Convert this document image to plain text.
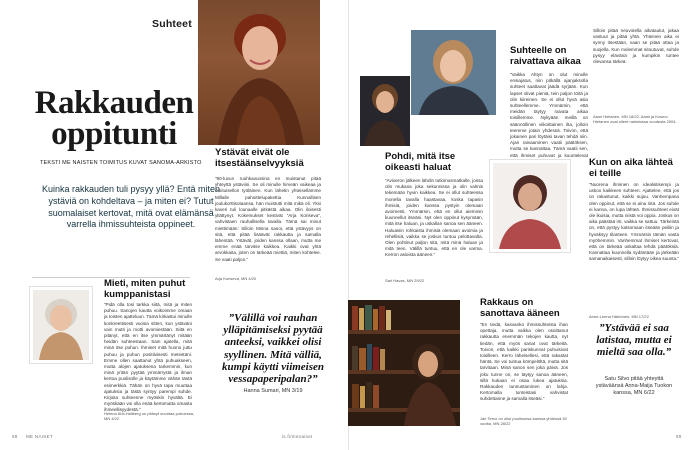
Suhteet
Rakkauden oppitunti
TEKSTI ME NAISTEN TOIMITUS KUVAT SANOMA-ARKISTO
Kuinka rakkauden tuli pysyy yllä? Entä miten ystäviä on kohdeltava – ja miten ei? Tutut suomalaiset kertovat, mitä ovat elämänsä varrella ihmissuhteista oppineet.
Ystävät eivät ole itsestäänselvyyksiä
”90-luvun ruuhkavuosina en muistanut pitää yhteyttä ystäviini. Se oli minulle hirveän vaikeaa ja omituisellon työläinen. Kun lähetin yhteisellämme Millalle pahoittelupakettia Kunnallisen joulukorttisotaansa, hän muistutti mitä mikä oli. Yksi kaveri tuli lounaalle pitkästä aikaa. Olin iloisesti yllättynyt. Kokemukset kestivät ”Arja Koriseva”, vahvistaen rauhallisella tavalla. Tämä sai minut miettimään: Silloin Minna sanoi, että ystävyys on sitä, että pitää lisäävät rakkautta ja samalla lähentää. Ystävät, joiden kanssa ollaan, mutta me emme enää tarvitse kaikkea. Kaikki ovat yhtä arvokkaita, joten on tärkeää miettiä, miten kohtelee. Se vaati paljon.”
Arja Koriseva, MN 4/20
Mieti, miten puhut kumppanistasi
”Pidä olla tosi tarkka siitä, mitä ja miten puhuu. Sanojen kautta voikoimme omaan ja toisten ajatteluun. Tämä kirkastui minulle konkreettisesti vuosia sitten, kun ystäväni vain mutti ja motti avomiestään. Siitä en pitänyt, että en itse ymmärtänyt mitään heidän suhteestaan. Sain ajatella, mitä minä itse puhun. Ihmiset mitä huono juttu puhuu ja puhun positiivisesti metestäni. Emme ollen saattanut yhtä puhuakseen, mutta alojen ajatuksena tarkemmin, kun minä yritän pyytää ymmärrystä ja ilman kertoa puolisolle ja käytämme vähän tästä esimerkkiä. Tähän on hyvä tapa muuttaa ajatuksia ja tästä syntyy parempi suhde. Kirjoita suhteenne myöskin hyvältä. Ei myöskään voi olla enää kertomatta omasta ihmeellisyydestä.”
Helena Ahti-Hallberg on pitänyt suuntaa puhuessa, MN 4/22
”Välillä voi rauhan ylläpitämiseksi pyytää anteeksi, vaikkei olisi syyllinen. Mitä välliä, kumpi käytti viimeisen vessapaperipalan?”
Hanna Sumari, MN 3/19
58 ME NAISET
Suhteelle on raivattava aikaa
”Vaikka Ahtyn on olut minulle ensiajatus, niin pitkällä ajanjaksolla suhteet saattavat jäädä syrjään. Kun lapset olivat pieniä, tein paljon töitä ja olin kiireinen. Se ei ollut hyvä asia suhteellemme. Ymmärsin, että meidän täytyy raivata aikaa toisillemme. Nykyään meillä on säännöllinen viikoittainen ilta, jolloin teemme jotain yhdessä. Toivon, että jokainen pari löytäisi tavan tehdä niin. Ajan raivaaminen vaatii päätöksen, mutta se kannattaa. Tämä vaatii sen, että ihmiset puhuvat ja kuuntelevat
Aami Hietanen, MN 18/22. Aami ja Kosmo Hietanen ovat olleet naimisissa vuodesta 2004.
Silloin pitää neuvotella aikataulut, jakaa vastuut ja pitää yhtä. Yhteinen aika ei synny itsestään, vaan se pitää ottaa ja suojella. Kun molemmat sitoutuvat, suhde pysyy elävänä ja kumpikin tuntee olevansa tärkeä.
Pohdi, mitä itse oikeasti haluat
”Avioeron jälkeen lähdin tutkimusmatkalle, jossa olin mukana joka sekunnissa ja olin valmis tekemään hyvin kaikkea. Se ei ollut suhteessa monella tavalla haastavaa, koska tapasin ihmisiä, joiden kanssa pystyin olemaan avoimesti. Ymmärsin, että en ollut aiemmin kuunnellut itseäni. Nyt olen oppinut kysymään, mitä itse haluan, ja uskallan sanoa sen ääneen. Haluaisin rohkaista ihmisiä olemaan avoimia ja rehellisiä, vaikka se joskus tuntuu pelottavalta. Olen pohtinut paljon sitä, mitä minä haluan ja mitä teen. Välillä tuntuu, että en ole varma. Kerron asioista ääneen.”
Sari Havas, MN 29/22
Kun on aika lähteä ei teille
”Nuorena ihminen on idealistisempi ja uskoo kaikkeen suhteen. Ajattelee, että jos on rakastunut, kaikki sujuu. Vanhempana olen oppinut, että se ei aina riitä. Jos suhde ei kanna, on lupa lähteä. Ihmissuhteet eivät ole ikuisia, mutta niistä voi oppia. Joskus on aika päästää irti, vaikka se sattuu. Tärkeintä on, että pystyy katsomaan itseään peiliin ja hyväksyy tilanteen. Ymmärsin tämän vasta myöhemmin. Vanhemmat ihmiset kertovat, että on tärkeää uskaltaa tehdä päätöksiä. Kannattaa kuunnella sydäntään ja järkeään samanaikaisesti, silloin löytyy oikea suunta.”
Anne-Leena Härkönen, MN 17/22
Rakkaus on sanottava ääneen
”En tiedä, kasvanko ihmissuhteista ihan opettaja, mutta vaikka olen osoittanut rakkautta enemmän tekojen kautta, nyt tiedän, että myös sanat ovat tärkeitä. Toivon, että kaikki pariskunnat puhuisivat toisilleen. Kerro läheisellesi, että rakastat häntä. Se voi tuntua kömpelöltä, mutta sitä tarvitaan. Minä sanon sen joka päivä. Jos joku tunne on, se täytyy sanoa ääneen, sillä kukaan ei osaa lukea ajatuksia. Rakkauden tunnustaminen on lahja. Kertomalla tunteistasi vahvistat suhdettanne ja samalla itseäsi.”
Jari Tervo on ollut puolisonsa kanssa yhdessä 30 vuotta, MN 28/22
”Ystävää ei saa latistaa, mutta ei mieltä saa olla.”
Satu Silvo pitää yhteyttä ystäväänsä Anna-Maija Tuokon kanssa, MN 6/22
is.fi/menaiset	59
